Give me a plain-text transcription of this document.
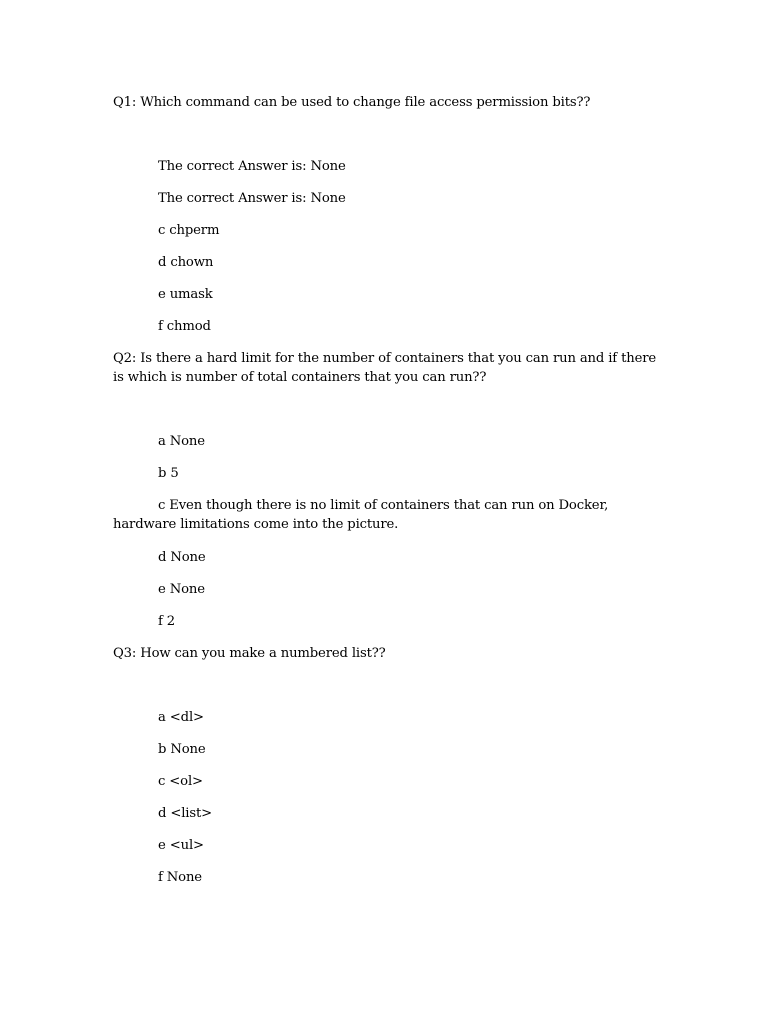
Q1: Which command can be used to change file access permission bits??
The correct Answer is: None
The correct Answer is: None
c chperm
d chown
e umask
f chmod
Q2: Is there a hard limit for the number of containers that you can run and if there is which is number of total containers that you can run??
a None
b 5
c Even though there is no limit of containers that can run on Docker, hardware limitations come into the picture.
d None
e None
f 2
Q3: How can you make a numbered list??
a <dl>
b None
c <ol>
d <list>
e <ul>
f None
